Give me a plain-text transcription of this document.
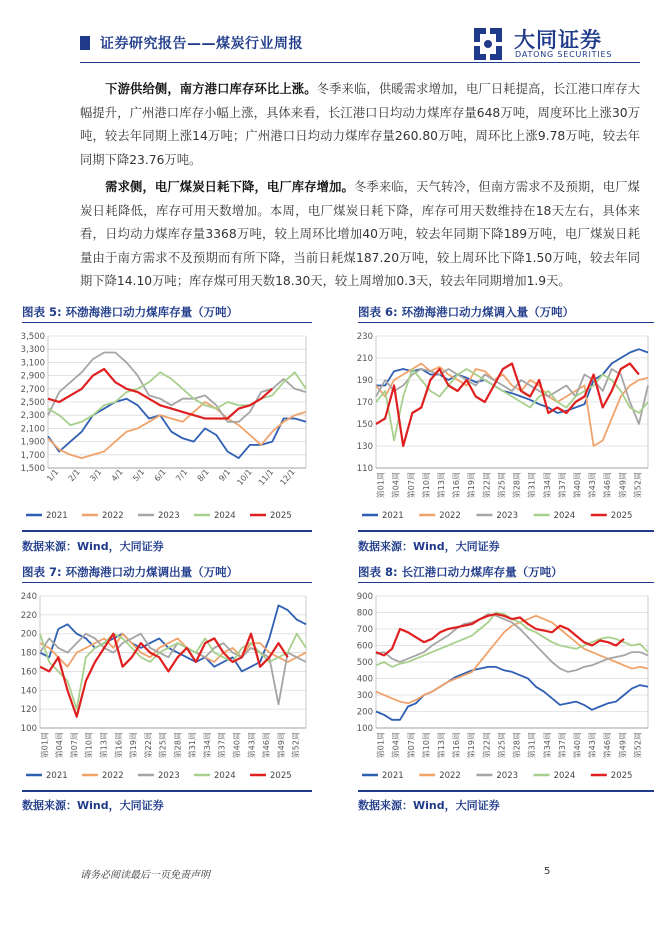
证券研究报告——煤炭行业周报	大同证券
DATONG SECURITIES
下游供给侧，南方港口库存环比上涨。冬季来临，供暖需求增加，电厂日耗提高，长江港口库存大幅提升，广州港口库存小幅上涨，具体来看，长江港口日均动力煤库存量648万吨，周度环比上涨30万吨，较去年同期上涨14万吨；广州港口日均动力煤库存量260.80万吨，周环比上涨9.78万吨，较去年同期下降23.76万吨。
需求侧，电厂煤炭日耗下降，电厂库存增加。冬季来临，天气转冷，但南方需求不及预期，电厂煤炭日耗降低，库存可用天数增加。本周，电厂煤炭日耗下降，库存可用天数维持在18天左右，具体来看，日均动力煤库存量3368万吨，较上周环比增加40万吨，较去年同期下降189万吨，电厂煤炭日耗量由于南方需求不及预期而有所下降，当前日耗煤187.20万吨，较上周环比下降1.50万吨，较去年同期下降14.10万吨；库存煤可用天数18.30天，较上周增加0.3天，较去年同期增加1.9天。
图表 5: 环渤海港口动力煤库存量（万吨）	图表 6: 环渤海港口动力煤调入量（万吨）
图表 7: 环渤海港口动力煤调出量（万吨）	图表 8: 长江港口动力煤库存量（万吨）
1,500
1,700
1,900
2,100
2,300
2,500
2,700
2,900
3,100
3,300
3,500
1/1 2/1 3/1 4/1 5/1 6/1 7/1 8/1 9/1 10/1 11/1 12/1
2021	2022	2023	2024	2025
110
130
150
170
190
210
230
第01周 第04周 第07周 第10周 第13周 第16周 第19周 第22周 第25周 第28周 第31周 第34周 第37周 第40周 第43周 第46周 第49周 第52周
2021	2022	2023	2024	2025
100
120
140
160
180
200
220
240
第01周 第04周 第07周 第10周 第13周 第16周 第19周 第22周 第25周 第28周 第31周 第34周 第37周 第40周 第43周 第46周 第49周 第52周
2021	2022	2023	2024	2025
100
200
300
400
500
600
700
800
900
第01周 第04周 第07周 第10周 第13周 第16周 第19周 第22周 第25周 第28周 第31周 第34周 第37周 第40周 第43周 第46周 第49周 第52周
2021	2022	2023	2024	2025
数据来源：Wind，大同证券	数据来源：Wind，大同证券
数据来源：Wind，大同证券	数据来源：Wind，大同证券
请务必阅读最后一页免责声明	5
